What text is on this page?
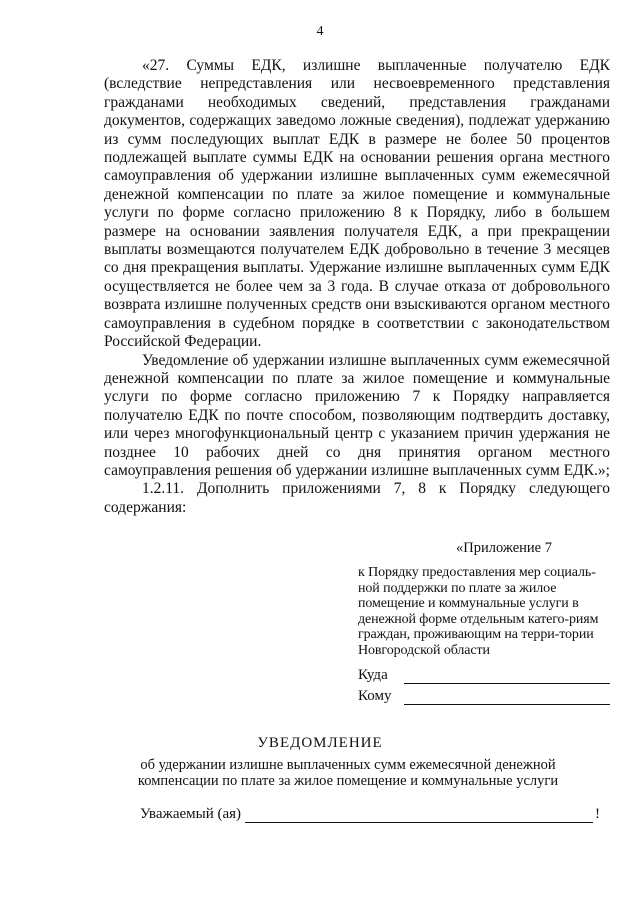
4

«27. Суммы ЕДК, излишне выплаченные получателю ЕДК (вследствие непредставления или несвоевременного представления гражданами необходимых сведений, представления гражданами документов, содержащих заведомо ложные сведения), подлежат удержанию из сумм последующих выплат ЕДК в размере не более 50 процентов подлежащей выплате суммы ЕДК на основании решения органа местного самоуправления об удержании излишне выплаченных сумм ежемесячной денежной компенсации по плате за жилое помещение и коммунальные услуги по форме согласно приложению 8 к Порядку, либо в большем размере на основании заявления получателя ЕДК, а при прекращении выплаты возмещаются получателем ЕДК добровольно в течение 3 месяцев со дня прекращения выплаты. Удержание излишне выплаченных сумм ЕДК осуществляется не более чем за 3 года. В случае отказа от добровольного возврата излишне полученных средств они взыскиваются органом местного самоуправления в судебном порядке в соответствии с законодательством Российской Федерации.

Уведомление об удержании излишне выплаченных сумм ежемесячной денежной компенсации по плате за жилое помещение и коммунальные услуги по форме согласно приложению 7 к Порядку направляется получателю ЕДК по почте способом, позволяющим подтвердить доставку, или через многофункциональный центр с указанием причин удержания не позднее 10 рабочих дней со дня принятия органом местного самоуправления решения об удержании излишне выплаченных сумм ЕДК.»;

1.2.11. Дополнить приложениями 7, 8 к Порядку следующего содержания:

«Приложение 7
к Порядку предоставления мер социаль-ной поддержки по плате за жилое помещение и коммунальные услуги в денежной форме отдельным катего-риям граждан, проживающим на терри-тории Новгородской области
Куда
Кому
УВЕДОМЛЕНИЕ
об удержании излишне выплаченных сумм ежемесячной денежной компенсации по плате за жилое помещение и коммунальные услуги
Уважаемый (ая)	!
